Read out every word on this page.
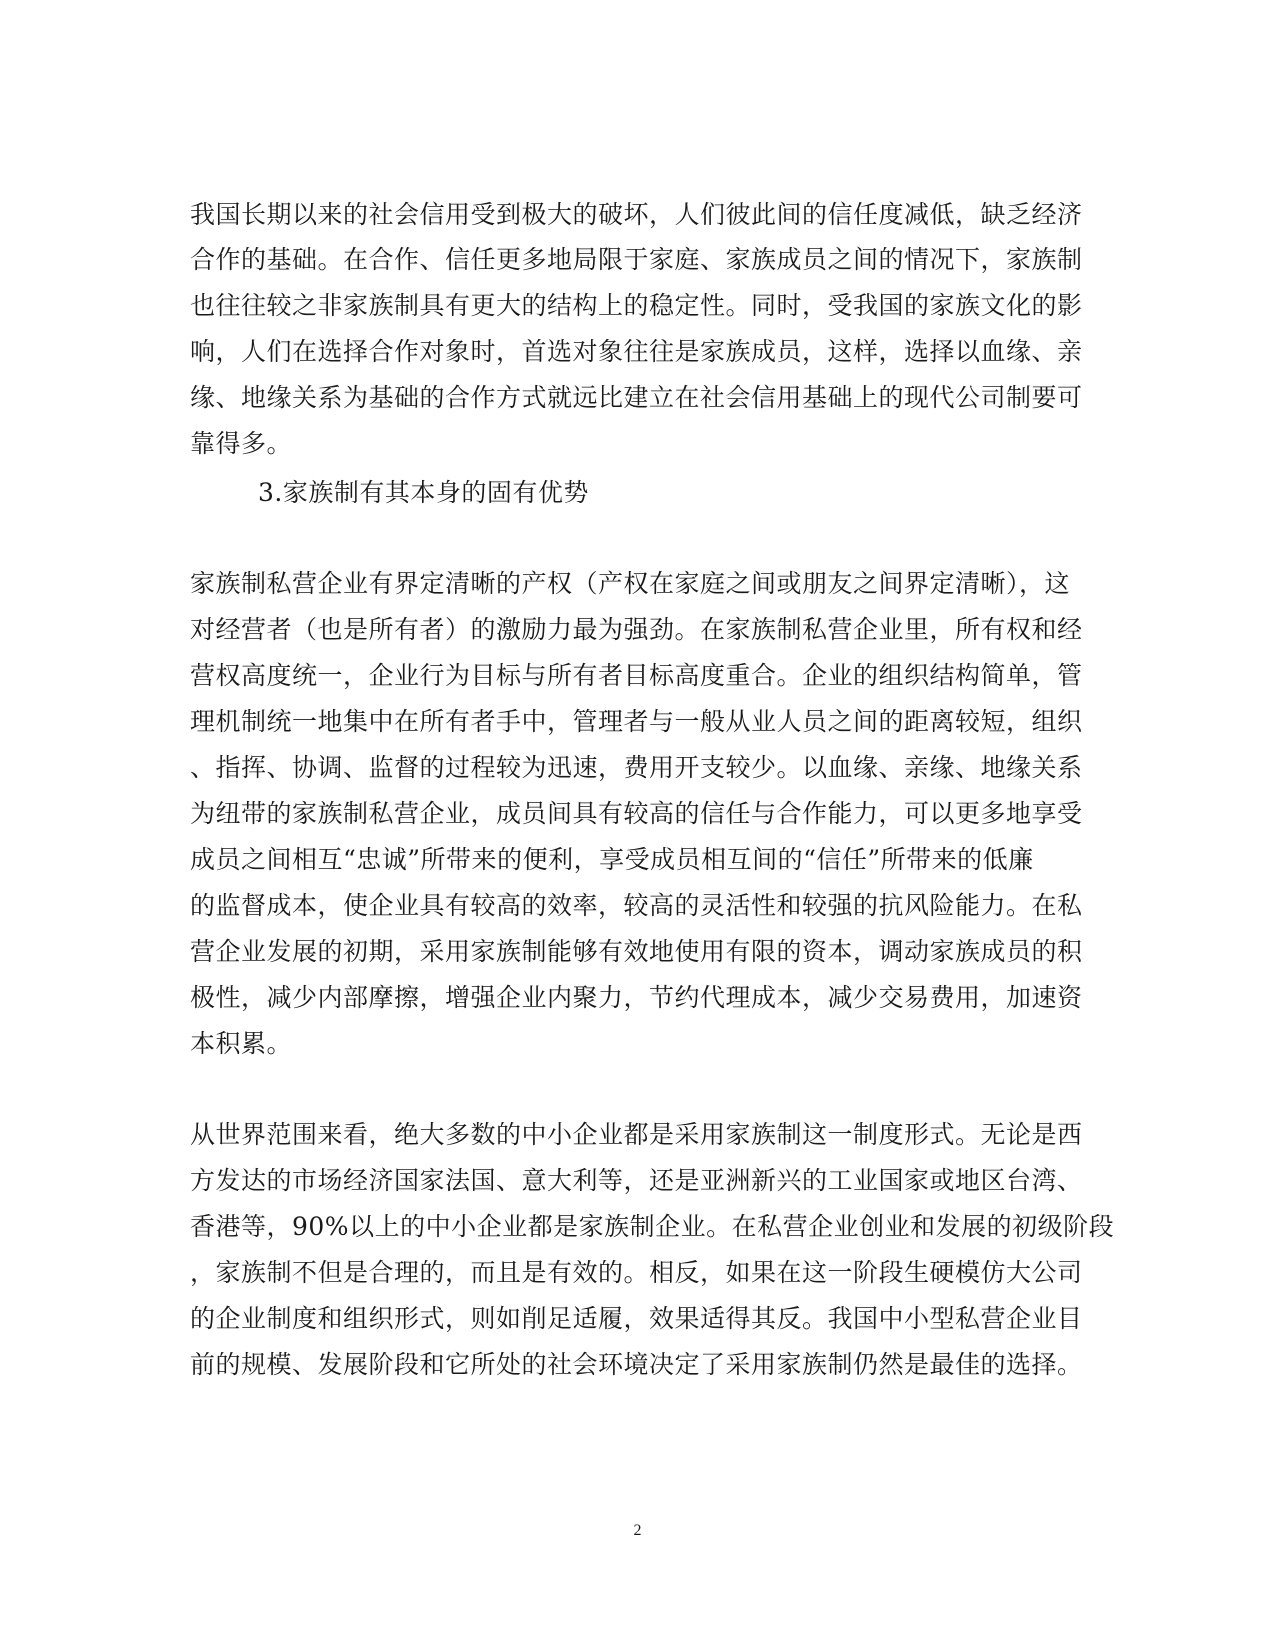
我国长期以来的社会信用受到极大的破坏，人们彼此间的信任度减低，缺乏经济
合作的基础。在合作、信任更多地局限于家庭、家族成员之间的情况下，家族制
也往往较之非家族制具有更大的结构上的稳定性。同时，受我国的家族文化的影
响，人们在选择合作对象时，首选对象往往是家族成员，这样，选择以血缘、亲
缘、地缘关系为基础的合作方式就远比建立在社会信用基础上的现代公司制要可
靠得多。
3.家族制有其本身的固有优势
家族制私营企业有界定清晰的产权（产权在家庭之间或朋友之间界定清晰），这
对经营者（也是所有者）的激励力最为强劲。在家族制私营企业里，所有权和经
营权高度统一，企业行为目标与所有者目标高度重合。企业的组织结构简单，管
理机制统一地集中在所有者手中，管理者与一般从业人员之间的距离较短，组织
、指挥、协调、监督的过程较为迅速，费用开支较少。以血缘、亲缘、地缘关系
为纽带的家族制私营企业，成员间具有较高的信任与合作能力，可以更多地享受
成员之间相互“忠诚”所带来的便利，享受成员相互间的“信任”所带来的低廉
的监督成本，使企业具有较高的效率，较高的灵活性和较强的抗风险能力。在私
营企业发展的初期，采用家族制能够有效地使用有限的资本，调动家族成员的积
极性，减少内部摩擦，增强企业内聚力，节约代理成本，减少交易费用，加速资
本积累。
从世界范围来看，绝大多数的中小企业都是采用家族制这一制度形式。无论是西
方发达的市场经济国家法国、意大利等，还是亚洲新兴的工业国家或地区台湾、
香港等，90%以上的中小企业都是家族制企业。在私营企业创业和发展的初级阶段
，家族制不但是合理的，而且是有效的。相反，如果在这一阶段生硬模仿大公司
的企业制度和组织形式，则如削足适履，效果适得其反。我国中小型私营企业目
前的规模、发展阶段和它所处的社会环境决定了采用家族制仍然是最佳的选择。
2
